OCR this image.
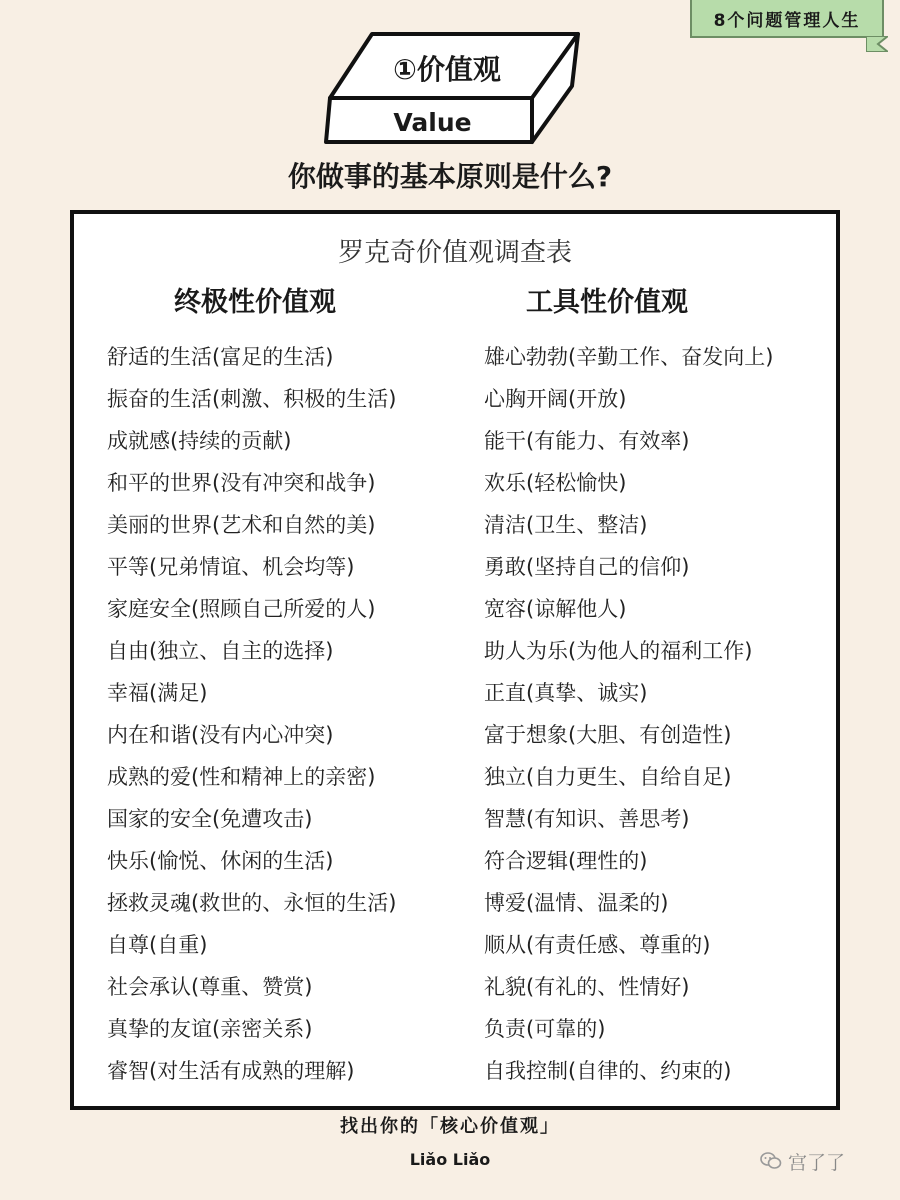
8个问题管理人生
①价值观
Value
你做事的基本原则是什么?
罗克奇价值观调查表
终极性价值观	工具性价值观
舒适的生活(富足的生活)
振奋的生活(刺激、积极的生活)
成就感(持续的贡献)
和平的世界(没有冲突和战争)
美丽的世界(艺术和自然的美)
平等(兄弟情谊、机会均等)
家庭安全(照顾自己所爱的人)
自由(独立、自主的选择)
幸福(满足)
内在和谐(没有内心冲突)
成熟的爱(性和精神上的亲密)
国家的安全(免遭攻击)
快乐(愉悦、休闲的生活)
拯救灵魂(救世的、永恒的生活)
自尊(自重)
社会承认(尊重、赞赏)
真挚的友谊(亲密关系)
睿智(对生活有成熟的理解)
雄心勃勃(辛勤工作、奋发向上)
心胸开阔(开放)
能干(有能力、有效率)
欢乐(轻松愉快)
清洁(卫生、整洁)
勇敢(坚持自己的信仰)
宽容(谅解他人)
助人为乐(为他人的福利工作)
正直(真挚、诚实)
富于想象(大胆、有创造性)
独立(自力更生、自给自足)
智慧(有知识、善思考)
符合逻辑(理性的)
博爱(温情、温柔的)
顺从(有责任感、尊重的)
礼貌(有礼的、性情好)
负责(可靠的)
自我控制(自律的、约束的)
找出你的「核心价值观」
Liǎo Liǎo	宫了了
